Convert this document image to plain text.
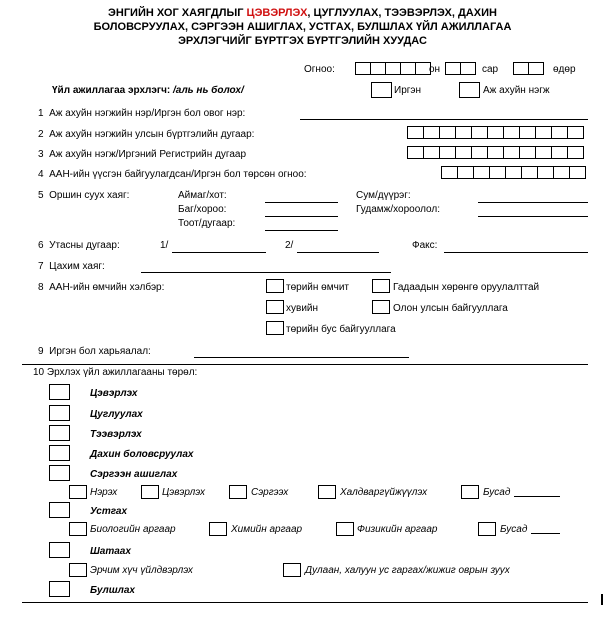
ЭНГИЙН ХОГ ХАЯГДЛЫГ ЦЭВЭРЛЭХ, ЦУГЛУУЛАХ, ТЭЭВЭРЛЭХ, ДАХИН
БОЛОВСРУУЛАХ, СЭРГЭЭН АШИГЛАХ, УСТГАХ, БУЛШЛАХ ҮЙЛ АЖИЛЛАГАА
ЭРХЛЭГЧИЙГ БҮРТГЭХ БҮРТГЭЛИЙН ХУУДАС
Огноо:	он	сар	өдөр
Үйл ажиллагаа эрхлэгч: /аль нь болох/	Иргэн	Аж ахуйн нэгж
1 Аж ахуйн нэгжийн нэр/Иргэн бол овог нэр:
2 Аж ахуйн нэгжийн улсын бүртгэлийн дугаар:
3 Аж ахуйн нэгж/Иргэний Регистрийн дугаар
4 ААН-ийн үүсгэн байгуулагдсан/Иргэн бол төрсөн огноо:
5 Оршин суух хаяг:	Аймаг/хот:	Сум/дүүрэг:
Баг/хороо:	Гудамж/хороолол:
Тоот/дугаар:
6 Утасны дугаар:	1/	2/	Факс:
7 Цахим хаяг:
8 ААН-ийн өмчийн хэлбэр:	төрийн өмчит	Гадаадын хөрөнгө оруулалттай
хувийн	Олон улсын байгууллага
төрийн бус байгууллага
9 Иргэн бол харьяалал:
10 Эрхлэх үйл ажиллагааны төрөл:
Цэвэрлэх
Цуглуулах
Тээвэрлэх
Дахин боловсруулах
Сэргээн ашиглах
Нэрэх	Цэвэрлэх	Сэргээх	Халдваргүйжүүлэх	Бусад
Устгах
Биологийн аргаар	Химийн аргаар	Физикийн аргаар	Бусад
Шатаах
Эрчим хүч үйлдвэрлэх	Дулаан, халуун ус гаргах/жижиг оврын зуух
Булшлах
